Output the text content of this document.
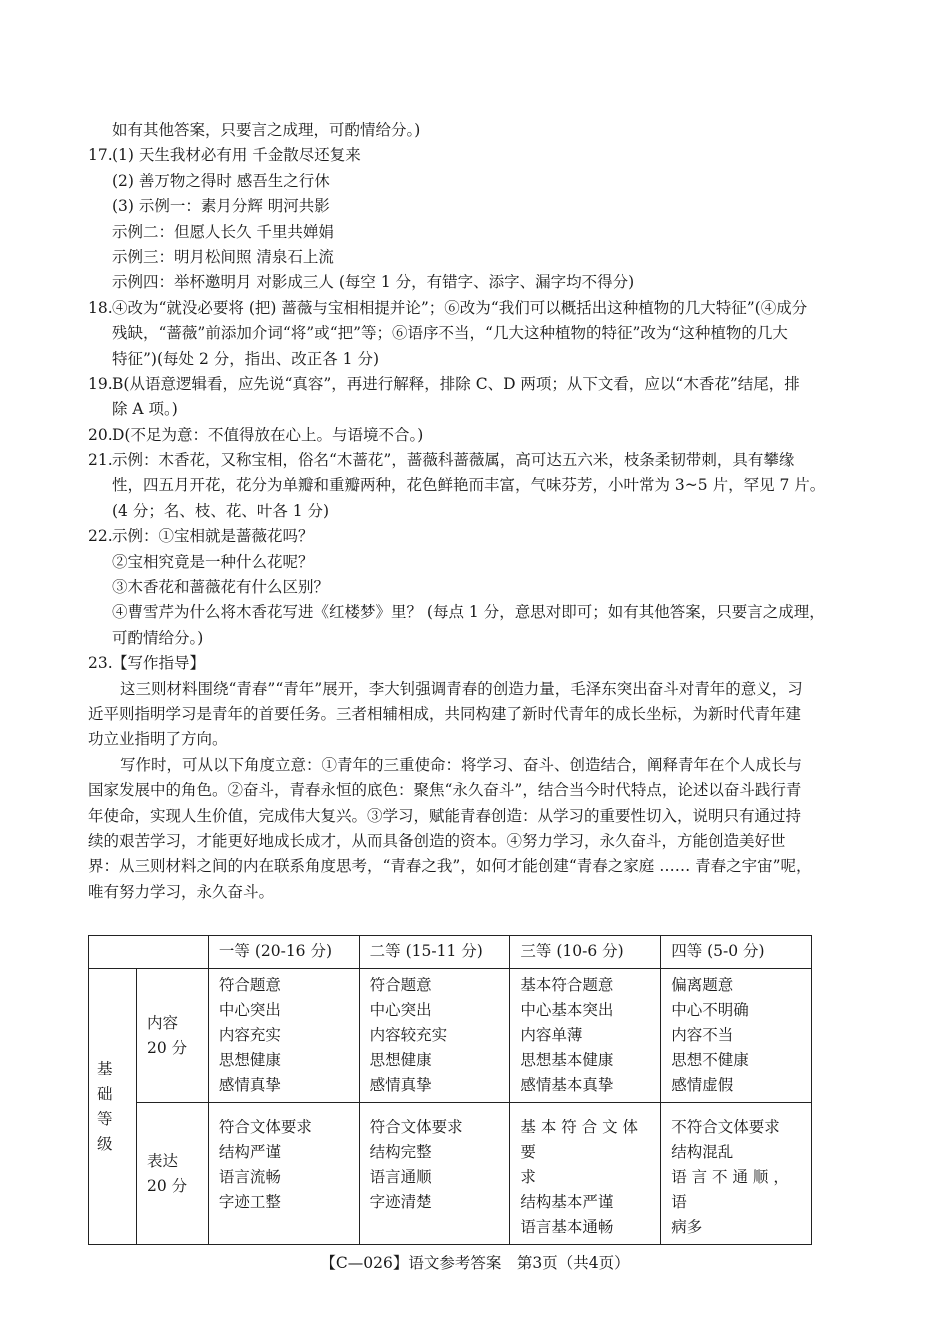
如有其他答案，只要言之成理，可酌情给分。)
17.(1) 天生我材必有用 千金散尽还复来
(2) 善万物之得时 感吾生之行休
(3) 示例一：素月分辉 明河共影
示例二：但愿人长久 千里共婵娟
示例三：明月松间照 清泉石上流
示例四：举杯邀明月 对影成三人 (每空 1 分，有错字、添字、漏字均不得分)
18.④改为“就没必要将 (把) 蔷薇与宝相相提并论”；⑥改为“我们可以概括出这种植物的几大特征”(④成分
残缺，“蔷薇”前添加介词“将”或“把”等；⑥语序不当，“几大这种植物的特征”改为“这种植物的几大
特征”)(每处 2 分，指出、改正各 1 分)
19.B(从语意逻辑看，应先说“真容”，再进行解释，排除 C、D 两项；从下文看，应以“木香花”结尾，排
除 A 项。)
20.D(不足为意：不值得放在心上。与语境不合。)
21.示例：木香花，又称宝相，俗名“木蔷花”，蔷薇科蔷薇属，高可达五六米，枝条柔韧带刺，具有攀缘
性，四五月开花，花分为单瓣和重瓣两种，花色鲜艳而丰富，气味芬芳，小叶常为 3~5 片，罕见 7 片。
(4 分；名、枝、花、叶各 1 分)
22.示例：①宝相就是蔷薇花吗？
②宝相究竟是一种什么花呢？
③木香花和蔷薇花有什么区别？
④曹雪芹为什么将木香花写进《红楼梦》里？ (每点 1 分，意思对即可；如有其他答案，只要言之成理，
可酌情给分。)
23.【写作指导】
这三则材料围绕“青春”“青年”展开，李大钊强调青春的创造力量，毛泽东突出奋斗对青年的意义，习
近平则指明学习是青年的首要任务。三者相辅相成，共同构建了新时代青年的成长坐标，为新时代青年建
功立业指明了方向。
写作时，可从以下角度立意：①青年的三重使命：将学习、奋斗、创造结合，阐释青年在个人成长与
国家发展中的角色。②奋斗，青春永恒的底色：聚焦“永久奋斗”，结合当今时代特点，论述以奋斗践行青
年使命，实现人生价值，完成伟大复兴。③学习，赋能青春创造：从学习的重要性切入，说明只有通过持
续的艰苦学习，才能更好地成长成才，从而具备创造的资本。④努力学习，永久奋斗，方能创造美好世
界：从三则材料之间的内在联系角度思考，“青春之我”，如何才能创建“青春之家庭 …… 青春之宇宙”呢，
唯有努力学习，永久奋斗。
		一等 (20-16 分)	二等 (15-11 分)	三等 (10-6 分)	四等 (5-0 分)

基
础
等
级	内容
20 分	符合题意
中心突出
内容充实
思想健康
感情真挚	符合题意
中心突出
内容较充实
思想健康
感情真挚	基本符合题意
中心基本突出
内容单薄
思想基本健康
感情基本真挚	偏离题意
中心不明确
内容不当
思想不健康
感情虚假

	表达
20 分	符合文体要求
结构严谨
语言流畅
字迹工整	符合文体要求
结构完整
语言通顺
字迹清楚	基 本 符 合 文 体 要
求
结构基本严谨
语言基本通畅	不符合文体要求
结构混乱
语 言 不 通 顺 ， 语
病多
【C—026】语文参考答案　第3页（共4页）
